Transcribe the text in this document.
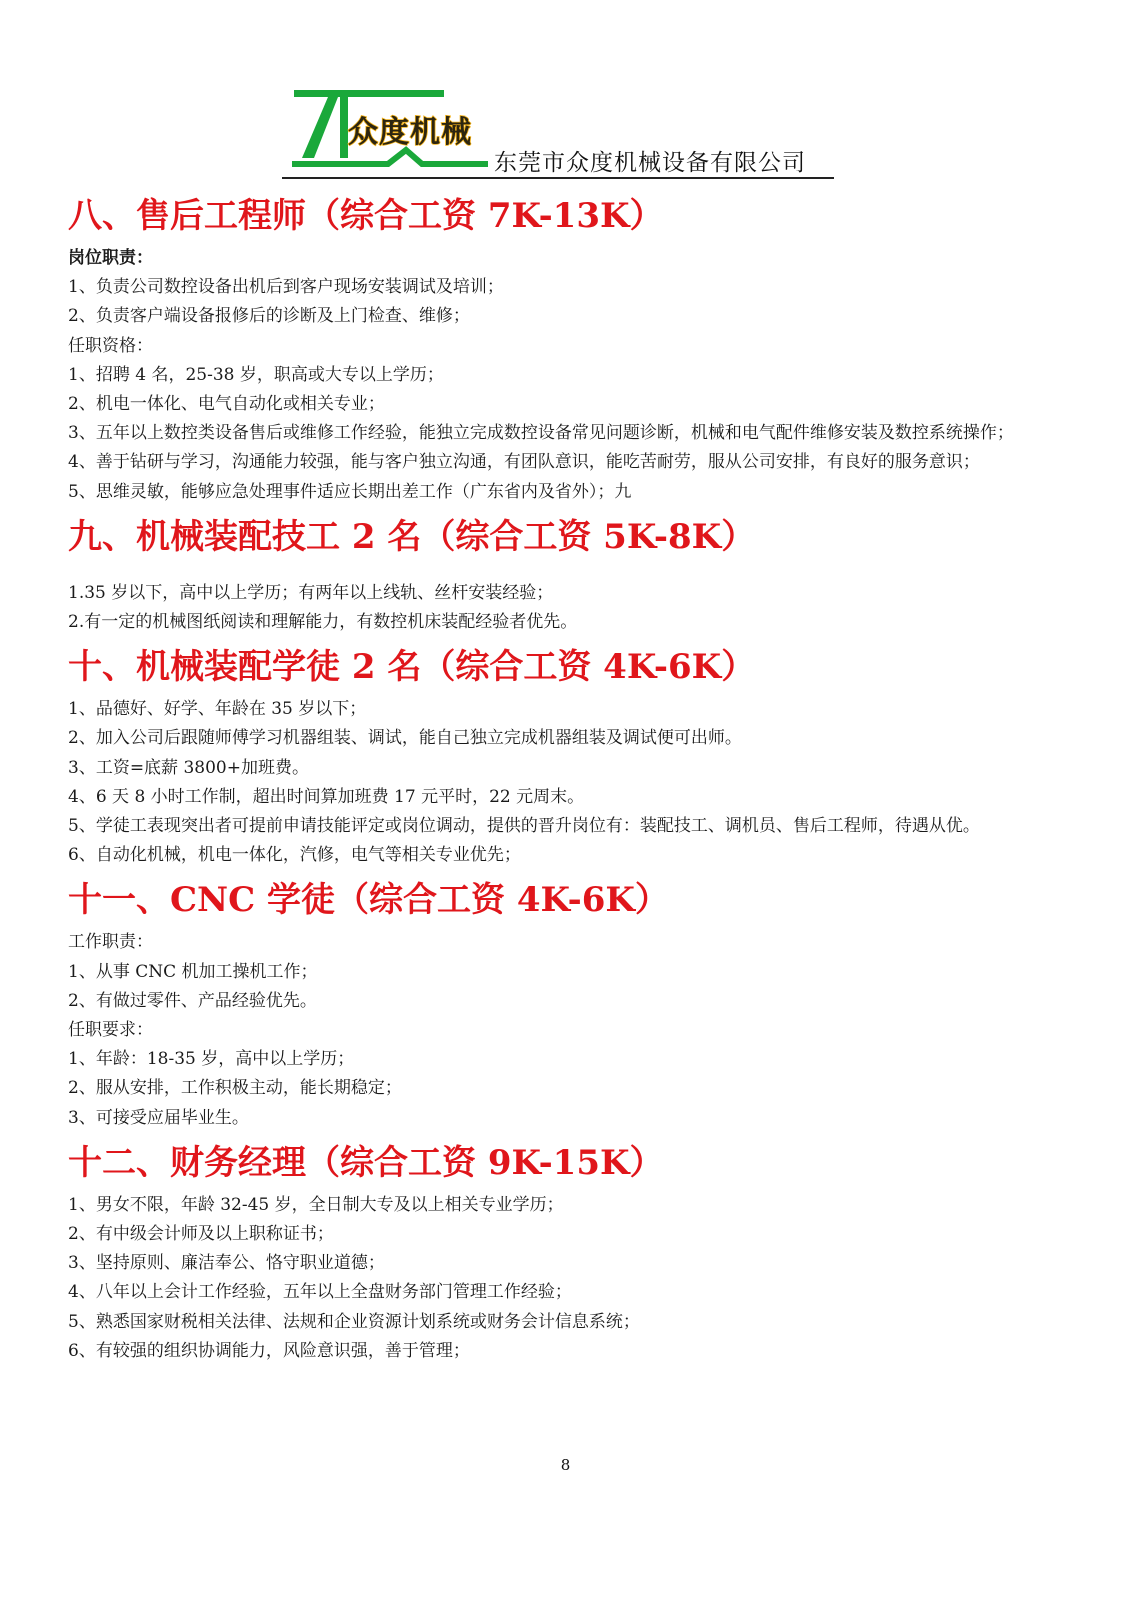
众度机械
东莞市众度机械设备有限公司
八、售后工程师（综合工资 7K-13K）
岗位职责：
1、负责公司数控设备出机后到客户现场安装调试及培训；
2、负责客户端设备报修后的诊断及上门检查、维修；
任职资格：
1、招聘 4 名，25-38 岁，职高或大专以上学历；
2、机电一体化、电气自动化或相关专业；
3、五年以上数控类设备售后或维修工作经验，能独立完成数控设备常见问题诊断，机械和电气配件维修安装及数控系统操作；
4、善于钻研与学习，沟通能力较强，能与客户独立沟通，有团队意识，能吃苦耐劳，服从公司安排，有良好的服务意识；
5、思维灵敏，能够应急处理事件适应长期出差工作（广东省内及省外）；九
九、机械装配技工 2 名（综合工资 5K-8K）
1.35 岁以下，高中以上学历；有两年以上线轨、丝杆安装经验；
2.有一定的机械图纸阅读和理解能力，有数控机床装配经验者优先。
十、机械装配学徒 2 名（综合工资 4K-6K）
1、品德好、好学、年龄在 35 岁以下；
2、加入公司后跟随师傅学习机器组装、调试，能自己独立完成机器组装及调试便可出师。
3、工资=底薪 3800+加班费。
4、6 天 8 小时工作制，超出时间算加班费 17 元平时，22 元周末。
5、学徒工表现突出者可提前申请技能评定或岗位调动，提供的晋升岗位有：装配技工、调机员、售后工程师，待遇从优。
6、自动化机械，机电一体化，汽修，电气等相关专业优先；
十一、CNC 学徒（综合工资 4K-6K）
工作职责：
1、从事 CNC 机加工操机工作；
2、有做过零件、产品经验优先。
任职要求：
1、年龄：18-35 岁，高中以上学历；
2、服从安排，工作积极主动，能长期稳定；
3、可接受应届毕业生。
十二、财务经理（综合工资 9K-15K）
1、男女不限，年龄 32-45 岁，全日制大专及以上相关专业学历；
2、有中级会计师及以上职称证书；
3、坚持原则、廉洁奉公、恪守职业道德；
4、八年以上会计工作经验，五年以上全盘财务部门管理工作经验；
5、熟悉国家财税相关法律、法规和企业资源计划系统或财务会计信息系统；
6、有较强的组织协调能力，风险意识强，善于管理；
8
